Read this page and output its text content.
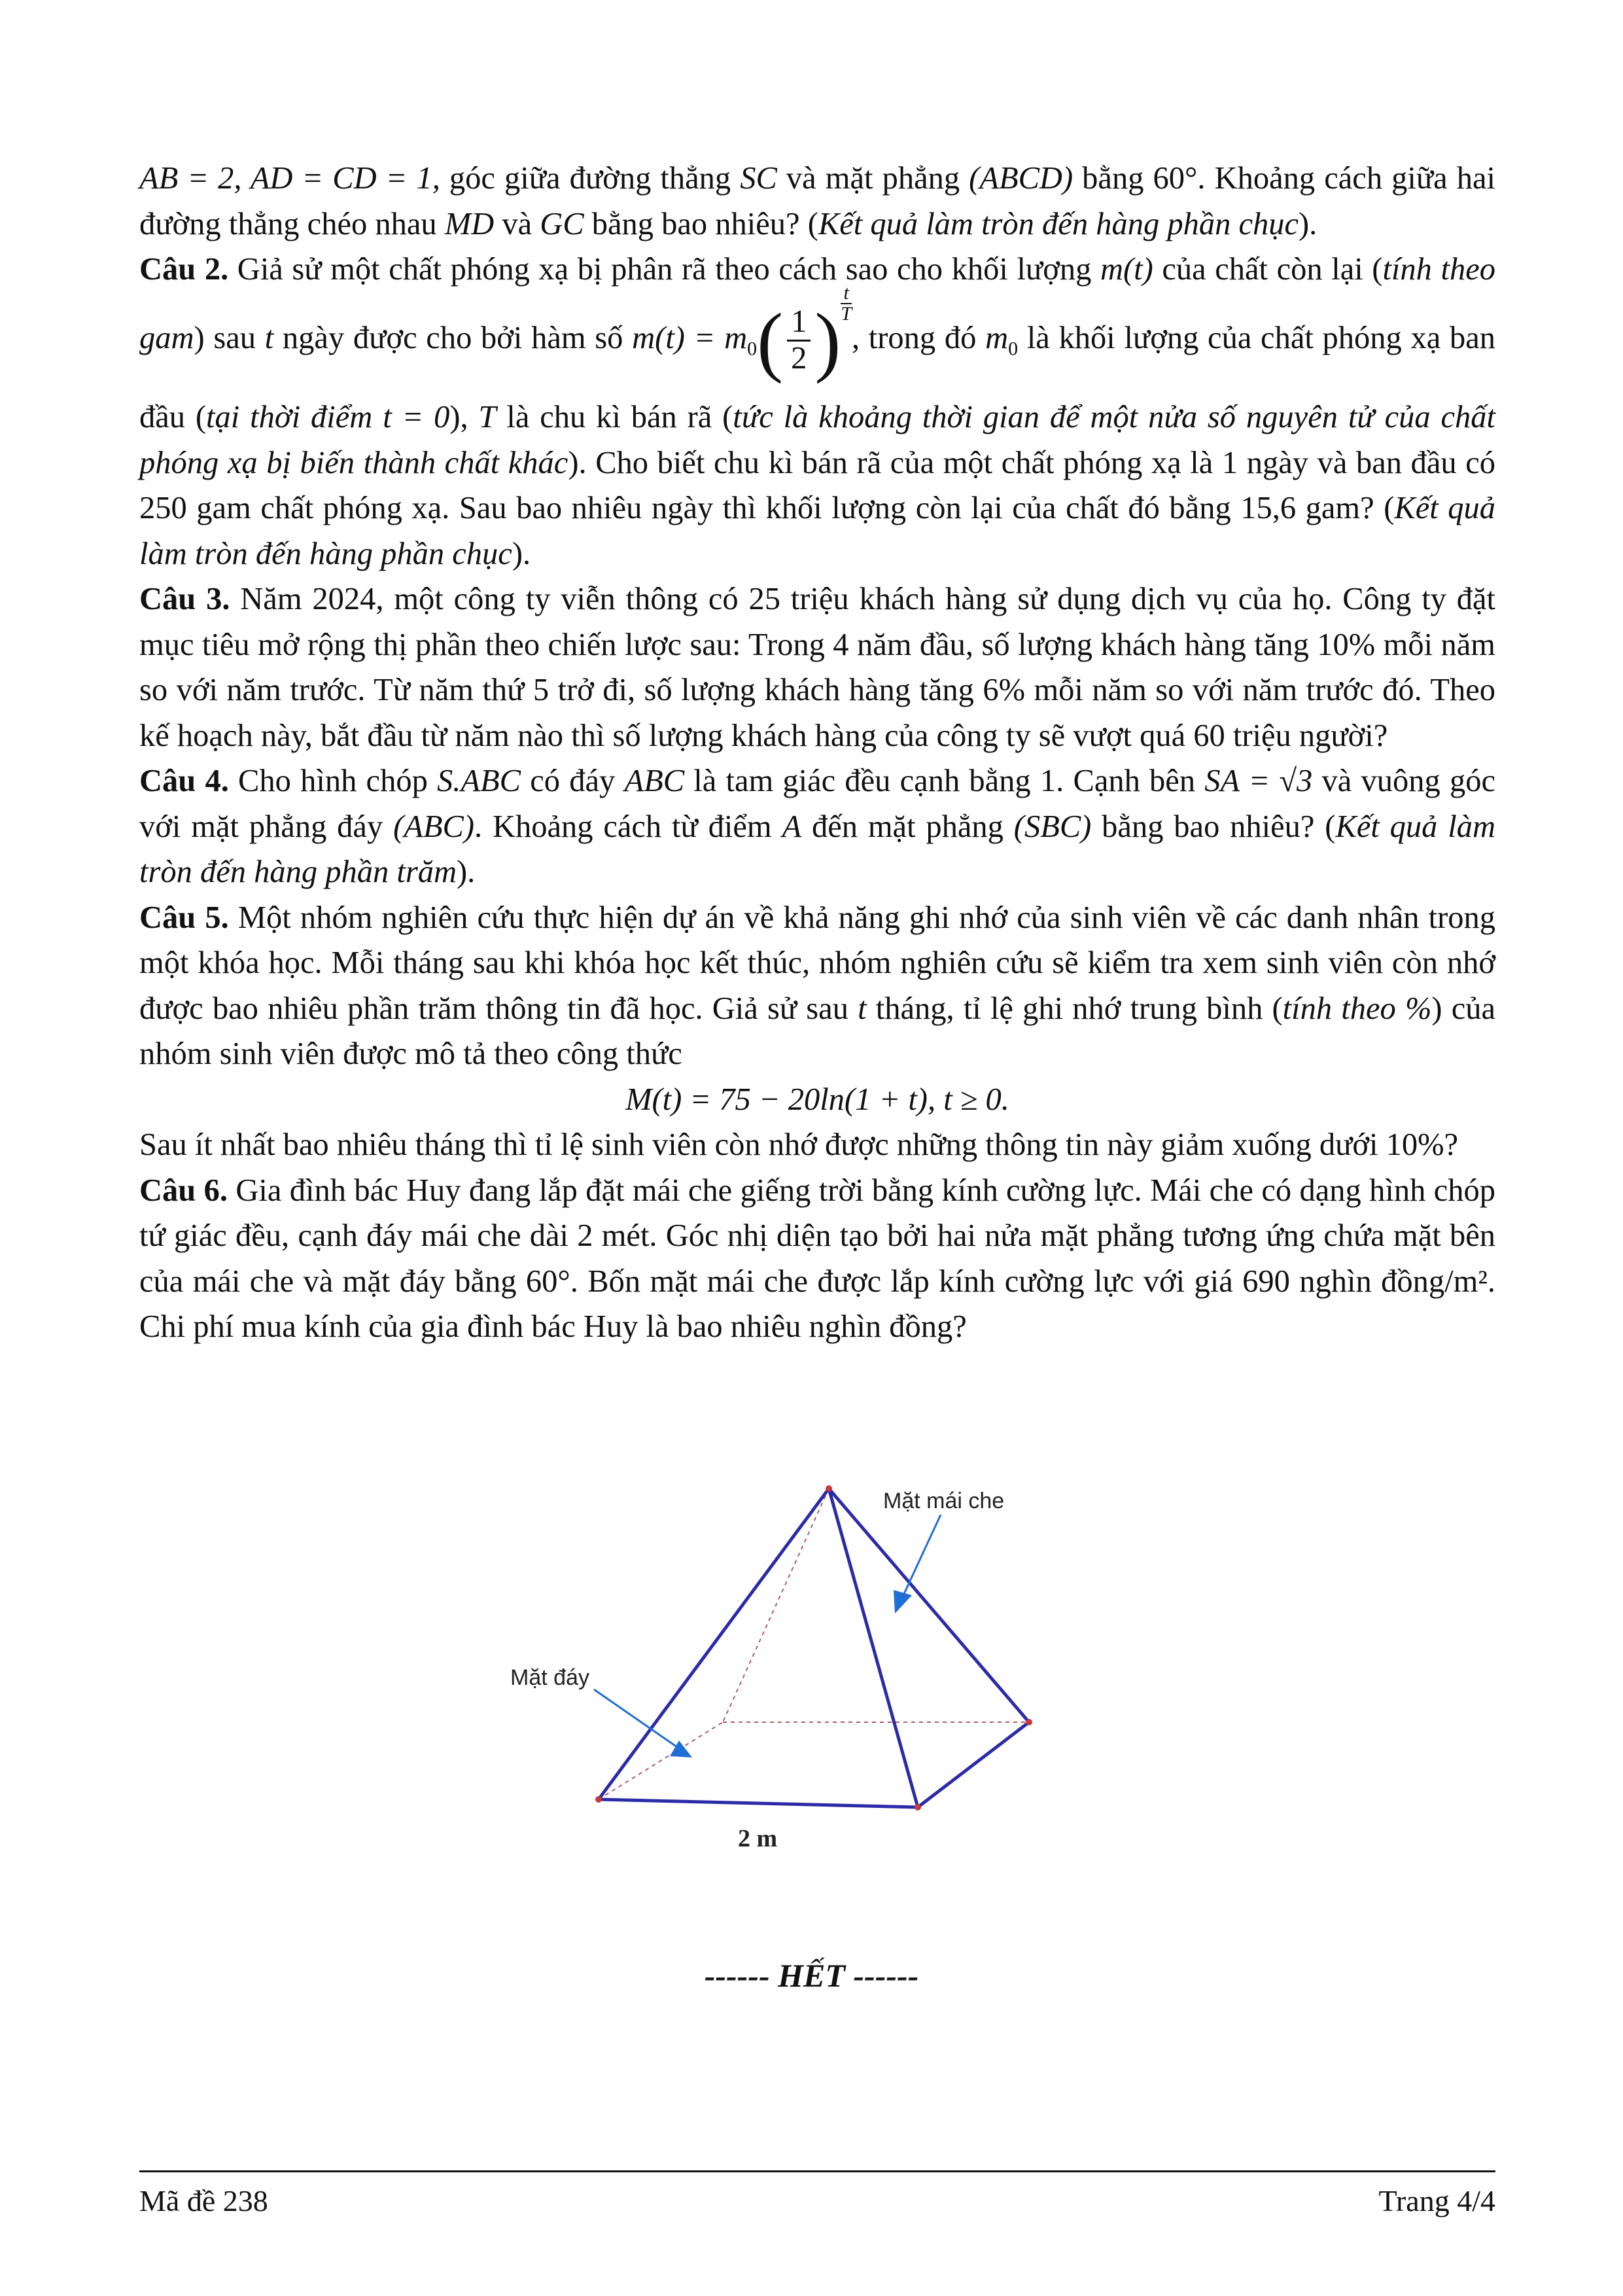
AB = 2, AD = CD = 1, góc giữa đường thẳng SC và mặt phẳng (ABCD) bằng 60°. Khoảng cách giữa hai đường thẳng chéo nhau MD và GC bằng bao nhiêu? (Kết quả làm tròn đến hàng phần chục).

Câu 2. Giả sử một chất phóng xạ bị phân rã theo cách sao cho khối lượng m(t) của chất còn lại (tính theo gam) sau t ngày được cho bởi hàm số $m(t) = m_0( \frac{1}{2}$ ) $\frac{t}{T}$
, trong đó $m_0$ là khối lượng của chất phóng xạ ban đầu (tại thời điểm t = 0), T là chu kì bán rã (tức là khoảng thời gian để một nửa số nguyên tử của chất phóng xạ bị biến thành chất khác). Cho biết chu kì bán rã của một chất phóng xạ là 1 ngày và ban đầu có 250 gam chất phóng xạ. Sau bao nhiêu ngày thì khối lượng còn lại của chất đó bằng 15,6 gam? (Kết quả làm tròn đến hàng phần chục).

Câu 3. Năm 2024, một công ty viễn thông có 25 triệu khách hàng sử dụng dịch vụ của họ. Công ty đặt mục tiêu mở rộng thị phần theo chiến lược sau: Trong 4 năm đầu, số lượng khách hàng tăng 10% mỗi năm so với năm trước. Từ năm thứ 5 trở đi, số lượng khách hàng tăng 6% mỗi năm so với năm trước đó. Theo kế hoạch này, bắt đầu từ năm nào thì số lượng khách hàng của công ty sẽ vượt quá 60 triệu người?

Câu 4. Cho hình chóp S.ABC có đáy ABC là tam giác đều cạnh bằng 1. Cạnh bên SA = √3 và vuông góc với mặt phẳng đáy (ABC). Khoảng cách từ điểm A đến mặt phẳng (SBC) bằng bao nhiêu? (Kết quả làm tròn đến hàng phần trăm).

Câu 5. Một nhóm nghiên cứu thực hiện dự án về khả năng ghi nhớ của sinh viên về các danh nhân trong một khóa học. Mỗi tháng sau khi khóa học kết thúc, nhóm nghiên cứu sẽ kiểm tra xem sinh viên còn nhớ được bao nhiêu phần trăm thông tin đã học. Giả sử sau t tháng, tỉ lệ ghi nhớ trung bình (tính theo %) của nhóm sinh viên được mô tả theo công thức

M(t) = 75 − 20ln(1 + t), t ≥ 0.

Sau ít nhất bao nhiêu tháng thì tỉ lệ sinh viên còn nhớ được những thông tin này giảm xuống dưới 10%?

Câu 6. Gia đình bác Huy đang lắp đặt mái che giếng trời bằng kính cường lực. Mái che có dạng hình chóp tứ giác đều, cạnh đáy mái che dài 2 mét. Góc nhị diện tạo bởi hai nửa mặt phẳng tương ứng chứa mặt bên của mái che và mặt đáy bằng 60°. Bốn mặt mái che được lắp kính cường lực với giá 690 nghìn đồng/m². Chi phí mua kính của gia đình bác Huy là bao nhiêu nghìn đồng?

Mặt mái che
Mặt đáy
2 m
------ HẾT ------
Mã đề 238	Trang 4/4
